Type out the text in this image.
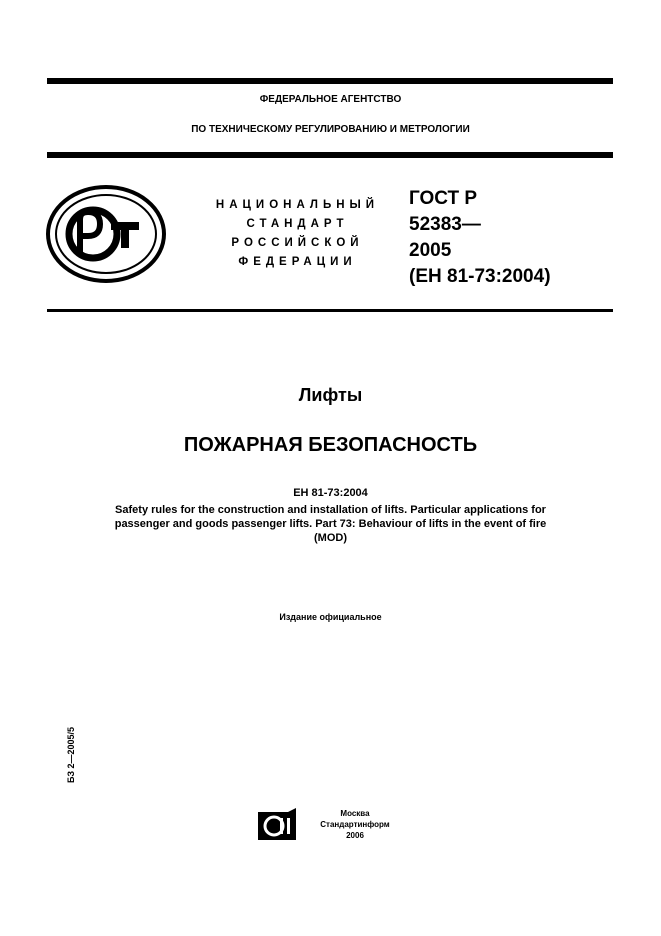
ФЕДЕРАЛЬНОЕ АГЕНТСТВО
ПО ТЕХНИЧЕСКОМУ РЕГУЛИРОВАНИЮ И МЕТРОЛОГИИ
НАЦИОНАЛЬНЫЙ
СТАНДАРТ
РОССИЙСКОЙ
ФЕДЕРАЦИИ
ГОСТ Р
52383—
2005
(ЕН 81-73:2004)
Лифты
ПОЖАРНАЯ БЕЗОПАСНОСТЬ
ЕН 81-73:2004
Safety rules for the construction and installation of lifts. Particular applications for
passenger and goods passenger lifts. Part 73: Behaviour of lifts in the event of fire
(MOD)
Издание официальное
БЗ 2—2005/5
Москва
Стандартинформ
2006
